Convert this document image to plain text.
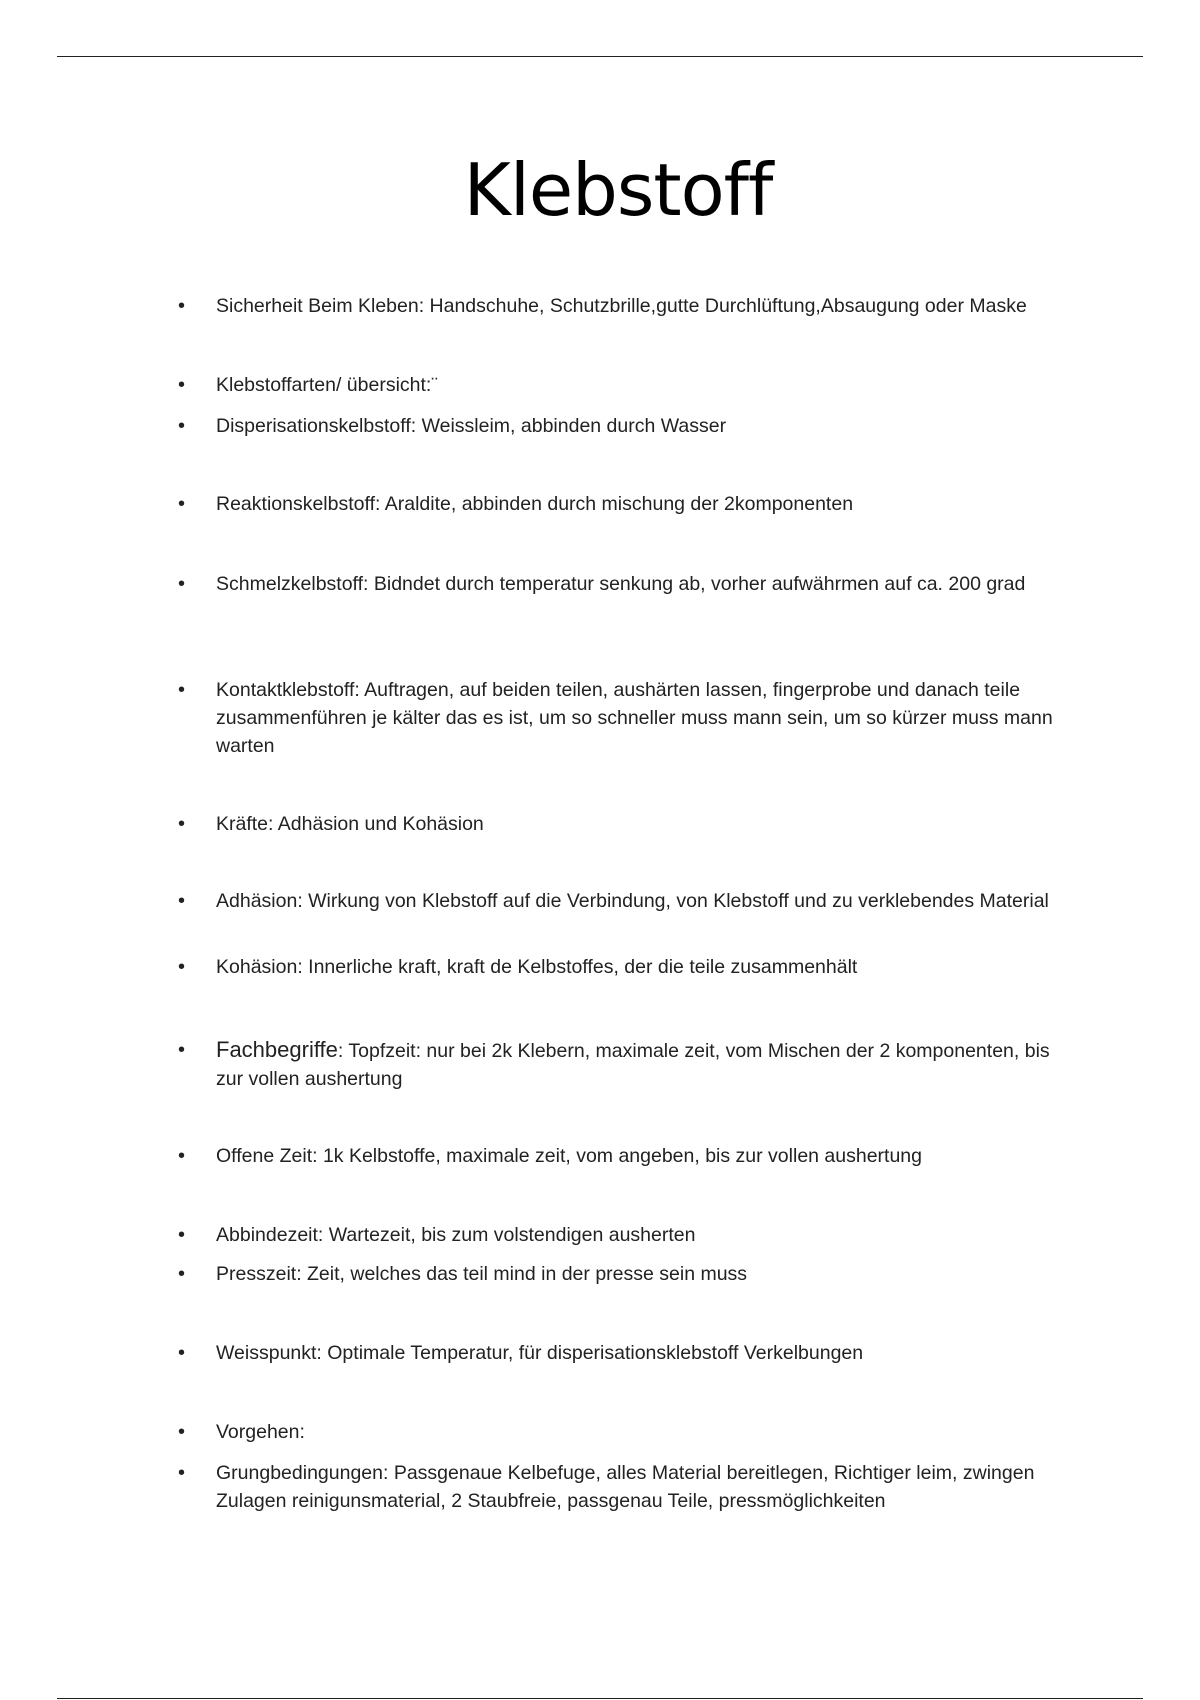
Klebstoff
• Sicherheit Beim Kleben: Handschuhe, Schutzbrille,gutte Durchlüftung,Absaugung oder Maske
• Klebstoffarten/ übersicht:¨
• Disperisationskelbstoff: Weissleim, abbinden durch Wasser
• Reaktionskelbstoff: Araldite, abbinden durch mischung der 2komponenten
• Schmelzkelbstoff: Bidndet durch temperatur senkung ab, vorher aufwährmen auf ca. 200 grad
• Kontaktklebstoff: Auftragen, auf beiden teilen, aushärten lassen, fingerprobe und danach teile zusammenführen je kälter das es ist, um so schneller muss mann sein, um so kürzer muss mann warten
• Kräfte: Adhäsion und Kohäsion
• Adhäsion: Wirkung von Klebstoff auf die Verbindung, von Klebstoff und zu verklebendes Material
• Kohäsion: Innerliche kraft, kraft de Kelbstoffes, der die teile zusammenhält
• Fachbegriffe: Topfzeit: nur bei 2k Klebern, maximale zeit, vom Mischen der 2 komponenten, bis zur vollen aushertung
• Offene Zeit: 1k Kelbstoffe, maximale zeit, vom angeben, bis zur vollen aushertung
• Abbindezeit: Wartezeit, bis zum volstendigen ausherten
• Presszeit: Zeit, welches das teil mind in der presse sein muss
• Weisspunkt: Optimale Temperatur, für disperisationsklebstoff Verkelbungen
• Vorgehen:
• Grungbedingungen: Passgenaue Kelbefuge, alles Material bereitlegen, Richtiger leim, zwingen Zulagen reinigunsmaterial, 2 Staubfreie, passgenau Teile, pressmöglichkeiten
